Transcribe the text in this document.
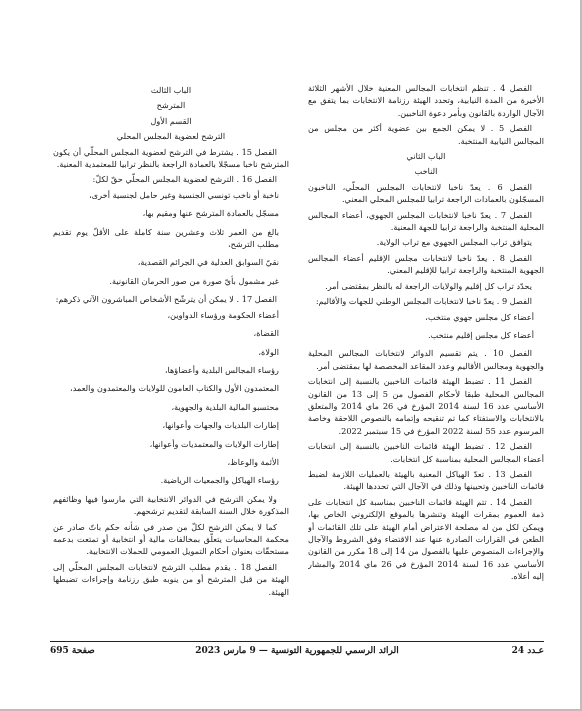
الفصل 4 . تنظم انتخابات المجالس المعنية خلال الأشهر الثلاثة الأخيرة من المدة النيابية، وتحدد الهيئة رزنامة الانتخابات بما يتفق مع الآجال الواردة بالقانون وبأمر دعوة الناخبين.

الفصل 5 . لا يمكن الجمع بين عضوية أكثر من مجلس من المجالس النيابية المنتخبة.

الباب الثاني

الناخب

الفصل 6 . يعدّ ناخبا لانتخابات المجلس المحلّي، الناخبون المسجّلون بالعمادات الراجعة ترابيا للمجلس المحلي المعني.

الفصل 7 . يعدّ ناخبا لانتخابات المجلس الجهوي، أعضاء المجالس المحلية المنتخبة والراجعة ترابيا للجهة المعنية.

يتوافق تراب المجلس الجهوي مع تراب الولاية.

الفصل 8 . يعدّ ناخبا لانتخابات مجلس الإقليم أعضاء المجالس الجهوية المنتخبة والراجعة ترابيا للإقليم المعني.

يحدّد تراب كل إقليم والولايات الراجعة له بالنظر بمقتضى أمر.

الفصل 9 . يعدّ ناخبا لانتخابات المجلس الوطني للجهات والأقاليم:

أعضاء كل مجلس جهوي منتخب،

أعضاء كل مجلس إقليم منتخب.

الفصل 10 . يتم تقسيم الدوائر لانتخابات المجالس المحلية والجهوية ومجالس الأقاليم وعدد المقاعد المخصصة لها بمقتضى أمر.

الفصل 11 . تضبط الهيئة قائمات الناخبين بالنسبة إلى انتخابات المجالس المحلية طبقا لأحكام الفصول من 5 إلى 13 من القانون الأساسي عدد 16 لسنة 2014 المؤرخ في 26 ماي 2014 والمتعلق بالانتخابات والاستفتاء كما تم تنقيحه وإتمامه بالنصوص اللاحقة وخاصة المرسوم عدد 55 لسنة 2022 المؤرخ في 15 سبتمبر 2022.

الفصل 12 . تضبط الهيئة قائمات الناخبين بالنسبة إلى انتخابات أعضاء المجالس المحلية بمناسبة كل انتخابات.

الفصل 13 . تعدّ الهياكل المعنية بالهيئة بالعمليات اللازمة لضبط قائمات الناخبين وتحيينها وذلك في الآجال التي تحددها الهيئة.

الفصل 14 . تتم الهيئة قائمات الناخبين بمناسبة كل انتخابات على ذمة العموم بمقرات الهيئة وتنشرها بالموقع الإلكتروني الخاص بها، ويمكن لكل من له مصلحة الاعتراض أمام الهيئة على تلك القائمات أو الطعن في القرارات الصادرة عنها عند الاقتضاء وفق الشروط والآجال والإجراءات المنصوص عليها بالفصول من 14 إلى 18 مكرر من القانون الأساسي عدد 16 لسنة 2014 المؤرخ في 26 ماي 2014 والمشار إليه أعلاه.

الباب الثالث

المترشح

القسم الأول

الترشح لعضوية المجلس المحلي

الفصل 15 . يشترط في الترشح لعضوية المجلس المحلّي أن يكون المترشح ناخبا مسجّلا بالعمادة الراجعة بالنظر ترابيا للمعتمدية المعنية.

الفصل 16 . الترشح لعضوية المجلس المحلّي حقّ لكلّ:

ناخبة أو ناخب تونسي الجنسية وغير حامل لجنسية أخرى،

مسجّل بالعمادة المترشح عنها ومقيم بها،

بالغ من العمر ثلاث وعشرين سنة كاملة على الأقلّ يوم تقديم مطلب الترشح،

نقيّ السوابق العدلية في الجرائم القصدية،

غير مشمول بأيّ صورة من صور الحرمان القانونية.

الفصل 17 . لا يمكن أن يترشّح الأشخاص المباشرون الآتي ذكرهم:

أعضاء الحكومة ورؤساء الدواوين،

القضاة،

الولاة،

رؤساء المجالس البلدية وأعضاؤها،

المعتمدون الأول والكتاب العامون للولايات والمعتمدون والعمد،

محتسبو المالية البلدية والجهوية،

إطارات البلديات والجهات وأعوانها،

إطارات الولايات والمعتمديات وأعوانها،

الأئمة والوعاظ،

رؤساء الهياكل والجمعيات الرياضية.

ولا يمكن الترشح في الدوائر الانتخابية التي مارسوا فيها وظائفهم المذكورة خلال السنة السابقة لتقديم ترشحهم.

كما لا يمكن الترشح لكلّ من صدر في شأنه حكم باتّ صادر عن محكمة المحاسبات يتعلّق بمخالفات مالية أو انتخابية أو تمتعت بدعمه مستحقّات بعنوان أحكام التمويل العمومي للحملات الانتخابية.

الفصل 18 . يقدم مطلب الترشح لانتخابات المجلس المحلّي إلى الهيئة من قبل المترشح أو من ينوبه طبق رزنامة وإجراءات تضبطها الهيئة.

عـدد 24
الرائد الرسمي للجمهورية التونسية — 9 مارس 2023
صفحة 695
